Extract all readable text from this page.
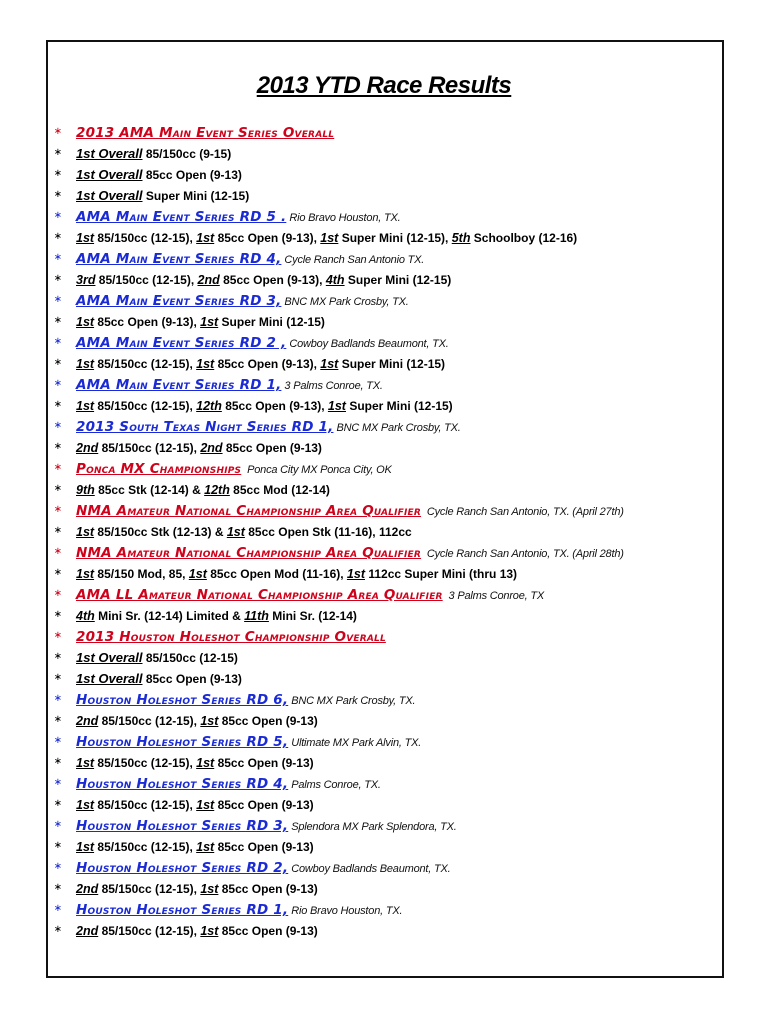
2013 YTD Race Results
∗ 2013 AMA Main Event Series Overall
∗ 1st Overall 85/150cc (9-15)
∗ 1st Overall 85cc Open (9-13)
∗ 1st Overall Super Mini (12-15)
∗ AMA Main Event Series RD 5 . Rio Bravo Houston, TX.
∗ 1st 85/150cc (12-15), 1st 85cc Open (9-13), 1st Super Mini (12-15), 5th Schoolboy (12-16)
∗ AMA Main Event Series RD 4, Cycle Ranch San Antonio TX.
∗ 3rd 85/150cc (12-15), 2nd 85cc Open (9-13), 4th Super Mini (12-15)
∗ AMA Main Event Series RD 3, BNC MX Park Crosby, TX.
∗ 1st 85cc Open (9-13), 1st Super Mini (12-15)
∗ AMA Main Event Series RD 2 , Cowboy Badlands Beaumont, TX.
∗ 1st 85/150cc (12-15), 1st 85cc Open (9-13), 1st Super Mini (12-15)
∗ AMA Main Event Series RD 1, 3 Palms Conroe, TX.
∗ 1st 85/150cc (12-15), 12th 85cc Open (9-13), 1st Super Mini (12-15)
∗ 2013 South Texas Night Series RD 1, BNC MX Park Crosby, TX.
∗ 2nd 85/150cc (12-15), 2nd 85cc Open (9-13)
∗ Ponca MX Championships Ponca City MX Ponca City, OK
∗ 9th 85cc Stk (12-14) & 12th 85cc Mod (12-14)
∗ NMA Amateur National Championship Area Qualifier Cycle Ranch San Antonio, TX. (April 27th)
∗ 1st 85/150cc Stk (12-13) & 1st 85cc Open Stk (11-16), 112cc
∗ NMA Amateur National Championship Area Qualifier Cycle Ranch San Antonio, TX. (April 28th)
∗ 1st 85/150 Mod, 85, 1st 85cc Open Mod (11-16), 1st 112cc Super Mini (thru 13)
∗ AMA LL Amateur National Championship Area Qualifier 3 Palms Conroe, TX
∗ 4th Mini Sr. (12-14) Limited & 11th Mini Sr. (12-14)
∗ 2013 Houston Holeshot Championship Overall
∗ 1st Overall 85/150cc (12-15)
∗ 1st Overall 85cc Open (9-13)
∗ Houston Holeshot Series RD 6, BNC MX Park Crosby, TX.
∗ 2nd 85/150cc (12-15), 1st 85cc Open (9-13)
∗ Houston Holeshot Series RD 5, Ultimate MX Park Alvin, TX.
∗ 1st 85/150cc (12-15), 1st 85cc Open (9-13)
∗ Houston Holeshot Series RD 4, Palms Conroe, TX.
∗ 1st 85/150cc (12-15), 1st 85cc Open (9-13)
∗ Houston Holeshot Series RD 3, Splendora MX Park Splendora, TX.
∗ 1st 85/150cc (12-15), 1st 85cc Open (9-13)
∗ Houston Holeshot Series RD 2, Cowboy Badlands Beaumont, TX.
∗ 2nd 85/150cc (12-15), 1st 85cc Open (9-13)
∗ Houston Holeshot Series RD 1, Rio Bravo Houston, TX.
∗ 2nd 85/150cc (12-15), 1st 85cc Open (9-13)
